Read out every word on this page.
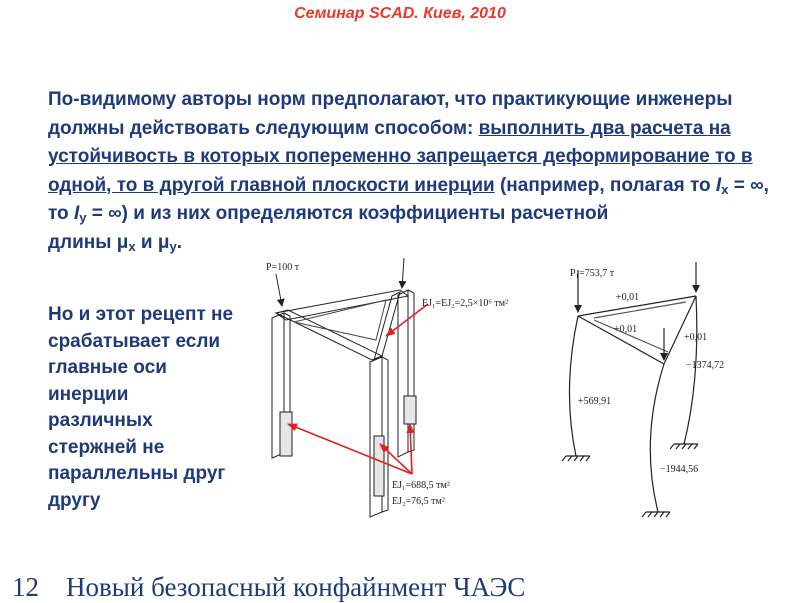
Семинар SCAD. Киев, 2010
По-видимому авторы норм предполагают, что практикующие инженеры должны действовать следующим способом: выполнить два расчета на устойчивость в которых попеременно запрещается деформирование то в одной, то в другой главной плоскости инерции (например, полагая то $I_x$ = ∞, то $I_y$ = ∞) и из них определяются коэффициенты расчетной
длины $\mu_x$ и $\mu_y$.
Но и этот рецепт не срабатывает если главные оси инерции различных стержней не параллельны друг другу
P=100 т
EJ₁=EJ₂=2,5×10⁶ тм²
EJ₁=688,5 тм²
EJ₂=76,5 тм²
P₁=753,7 т
+0,01
+0,01
+0,01
−1374,72
+569,91
−1944,56
12 Новый безопасный конфайнмент ЧАЭС
